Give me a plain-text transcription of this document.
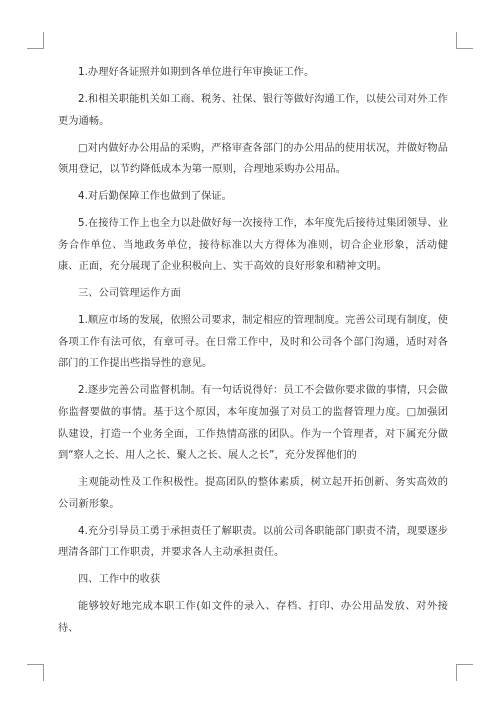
1.办理好各证照并如期到各单位进行年审换证工作。

2.和相关职能机关如工商、税务、社保、银行等做好沟通工作，以使公司对外工作更为通畅。

□对内做好办公用品的采购，严格审查各部门的办公用品的使用状况，并做好物品领用登记，以节约降低成本为第一原则，合理地采购办公用品。

4.对后勤保障工作也做到了保证。

5.在接待工作上也全力以赴做好每一次接待工作，本年度先后接待过集团领导、业务合作单位、当地政务单位，接待标准以大方得体为准则，切合企业形象，活动健康、正面，充分展现了企业积极向上、实干高效的良好形象和精神文明。

三、公司管理运作方面

1.顺应市场的发展，依照公司要求，制定相应的管理制度。完善公司现有制度，使各项工作有法可依，有章可寻。在日常工作中，及时和公司各个部门沟通，适时对各部门的工作提出些指导性的意见。

2.逐步完善公司监督机制。有一句话说得好：员工不会做你要求做的事情，只会做你监督要做的事情。基于这个原因，本年度加强了对员工的监督管理力度。□加强团队建设，打造一个业务全面，工作热情高涨的团队。作为一个管理者，对下属充分做到“察人之长、用人之长、聚人之长、展人之长”，充分发挥他们的

主观能动性及工作积极性。提高团队的整体素质，树立起开拓创新、务实高效的公司新形象。

4.充分引导员工勇于承担责任了解职责。以前公司各职能部门职责不清，现要逐步理清各部门工作职责，并要求各人主动承担责任。

四、工作中的收获

能够较好地完成本职工作(如文件的录入、存档、打印、办公用品发放、对外接待、
